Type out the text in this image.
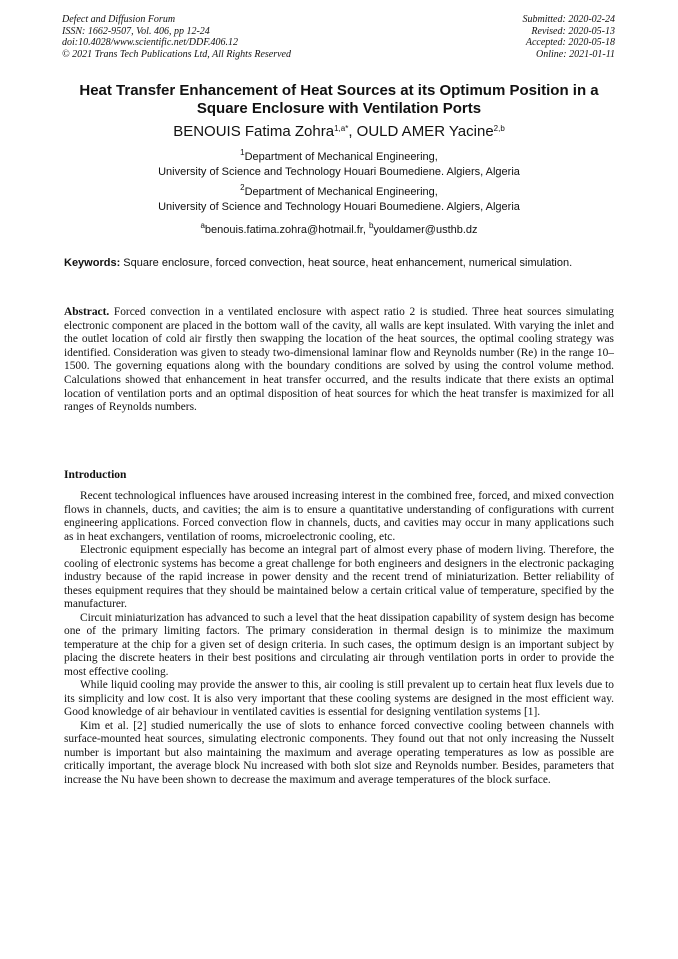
Defect and Diffusion Forum
ISSN: 1662-9507, Vol. 406, pp 12-24
doi:10.4028/www.scientific.net/DDF.406.12
© 2021 Trans Tech Publications Ltd, All Rights Reserved
Submitted: 2020-02-24
Revised: 2020-05-13
Accepted: 2020-05-18
Online: 2021-01-11
Heat Transfer Enhancement of Heat Sources at its Optimum Position in a Square Enclosure with Ventilation Ports
BENOUIS Fatima Zohra$^{1,a*}$, OULD AMER Yacine$^{2,b}$
$^1$Department of Mechanical Engineering,
University of Science and Technology Houari Boumediene. Algiers, Algeria
$^2$Department of Mechanical Engineering,
University of Science and Technology Houari Boumediene. Algiers, Algeria
$^a$benouis.fatima.zohra@hotmail.fr, $^b$youldamer@usthb.dz
Keywords: Square enclosure, forced convection, heat source, heat enhancement, numerical simulation.
Abstract. Forced convection in a ventilated enclosure with aspect ratio 2 is studied. Three heat sources simulating electronic component are placed in the bottom wall of the cavity, all walls are kept insulated. With varying the inlet and the outlet location of cold air firstly then swapping the location of the heat sources, the optimal cooling strategy was identified. Consideration was given to steady two-dimensional laminar flow and Reynolds number (Re) in the range 10–1500. The governing equations along with the boundary conditions are solved by using the control volume method. Calculations showed that enhancement in heat transfer occurred, and the results indicate that there exists an optimal location of ventilation ports and an optimal disposition of heat sources for which the heat transfer is maximized for all ranges of Reynolds numbers.
Introduction

Recent technological influences have aroused increasing interest in the combined free, forced, and mixed convection flows in channels, ducts, and cavities; the aim is to ensure a quantitative understanding of configurations with current engineering applications. Forced convection flow in channels, ducts, and cavities may occur in many applications such as in heat exchangers, ventilation of rooms, microelectronic cooling, etc.

Electronic equipment especially has become an integral part of almost every phase of modern living. Therefore, the cooling of electronic systems has become a great challenge for both engineers and designers in the electronic packaging industry because of the rapid increase in power density and the recent trend of miniaturization. Better reliability of theses equipment requires that they should be maintained below a certain critical value of temperature, specified by the manufacturer.

Circuit miniaturization has advanced to such a level that the heat dissipation capability of system design has become one of the primary limiting factors. The primary consideration in thermal design is to minimize the maximum temperature at the chip for a given set of design criteria. In such cases, the optimum design is an important subject by placing the discrete heaters in their best positions and circulating air through ventilation ports in order to provide the most effective cooling.

While liquid cooling may provide the answer to this, air cooling is still prevalent up to certain heat flux levels due to its simplicity and low cost. It is also very important that these cooling systems are designed in the most efficient way. Good knowledge of air behaviour in ventilated cavities is essential for designing ventilation systems [1].

Kim et al. [2] studied numerically the use of slots to enhance forced convective cooling between channels with surface-mounted heat sources, simulating electronic components. They found out that not only increasing the Nusselt number is important but also maintaining the maximum and average operating temperatures as low as possible are critically important, the average block Nu increased with both slot size and Reynolds number. Besides, parameters that increase the Nu have been shown to decrease the maximum and average temperatures of the block surface.
